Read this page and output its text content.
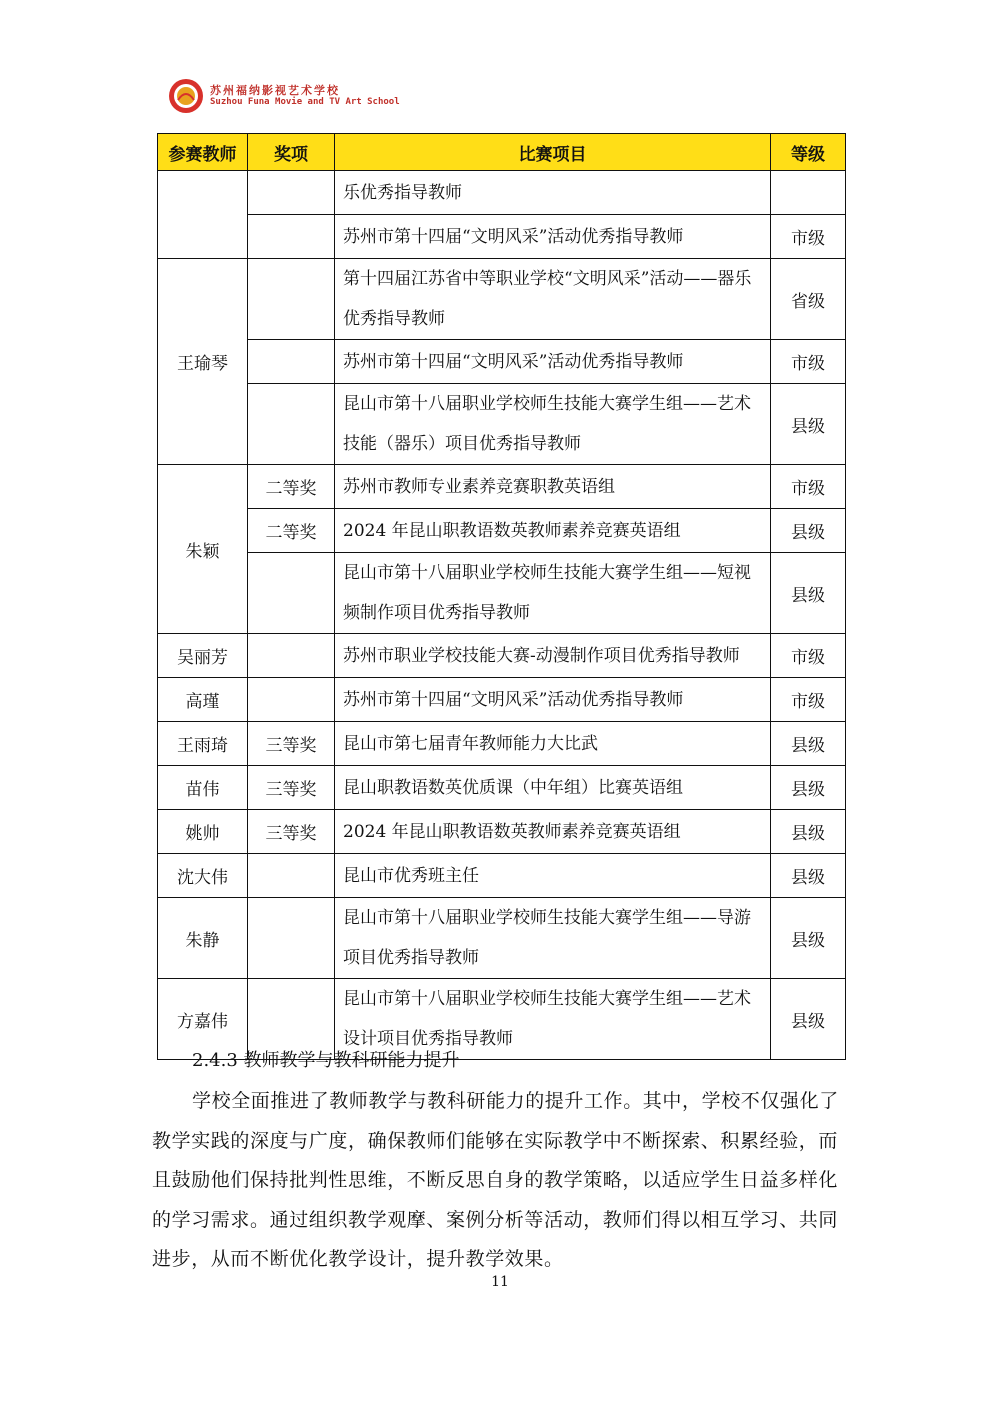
苏州福纳影视艺术学校
Suzhou Funa Movie and TV Art School
参赛教师	奖项	比赛项目	等级
		乐优秀指导教师	
		苏州市第十四届“文明风采”活动优秀指导教师	市级
王瑜琴		第十四届江苏省中等职业学校“文明风采”活动——器乐优秀指导教师	省级
		苏州市第十四届“文明风采”活动优秀指导教师	市级
		昆山市第十八届职业学校师生技能大赛学生组——艺术技能（器乐）项目优秀指导教师	县级
朱颖	二等奖	苏州市教师专业素养竞赛职教英语组	市级
	二等奖	2024 年昆山职教语数英教师素养竞赛英语组	县级
		昆山市第十八届职业学校师生技能大赛学生组——短视频制作项目优秀指导教师	县级
吴丽芳		苏州市职业学校技能大赛-动漫制作项目优秀指导教师	市级
高瑾		苏州市第十四届“文明风采”活动优秀指导教师	市级
王雨琦	三等奖	昆山市第七届青年教师能力大比武	县级
苗伟	三等奖	昆山职教语数英优质课（中年组）比赛英语组	县级
姚帅	三等奖	2024 年昆山职教语数英教师素养竞赛英语组	县级
沈大伟		昆山市优秀班主任	县级
朱静		昆山市第十八届职业学校师生技能大赛学生组——导游项目优秀指导教师	县级
方嘉伟		昆山市第十八届职业学校师生技能大赛学生组——艺术设计项目优秀指导教师	县级
2.4.3 教师教学与教科研能力提升
学校全面推进了教师教学与教科研能力的提升工作。其中，学校不仅强化了教学实践的深度与广度，确保教师们能够在实际教学中不断探索、积累经验，而且鼓励他们保持批判性思维，不断反思自身的教学策略，以适应学生日益多样化的学习需求。通过组织教学观摩、案例分析等活动，教师们得以相互学习、共同进步，从而不断优化教学设计，提升教学效果。
11
